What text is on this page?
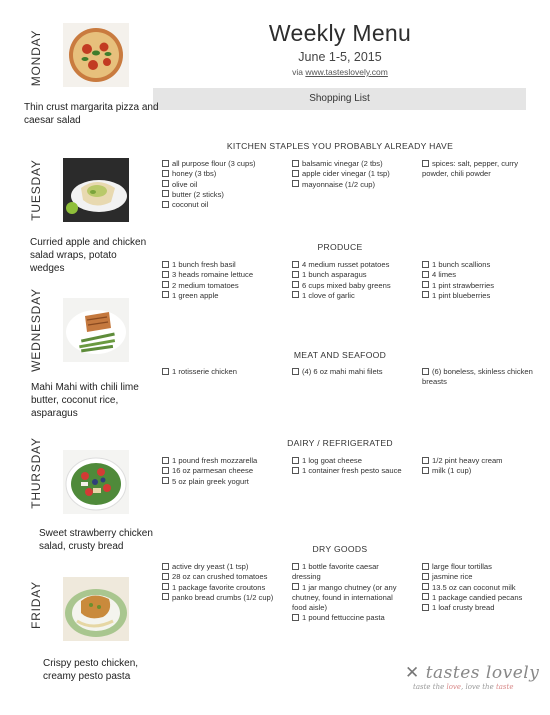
Weekly Menu
June 1-5, 2015
via www.tasteslovely.com
Shopping List
MONDAY
Thin crust margarita pizza and caesar salad
TUESDAY
Curried apple and chicken salad wraps, potato wedges
WEDNESDAY
Mahi Mahi with chili lime butter, coconut rice, asparagus
THURSDAY
Sweet strawberry chicken salad, crusty bread
FRIDAY
Crispy pesto chicken, creamy pesto pasta
KITCHEN STAPLES YOU PROBABLY ALREADY HAVE
all purpose flour (3 cups)
honey (3 tbs)
olive oil
butter (2 sticks)
coconut oil
balsamic vinegar (2 tbs)
apple cider vinegar (1 tsp)
mayonnaise (1/2 cup)
spices: salt, pepper, curry powder, chili powder
PRODUCE
1 bunch fresh basil
3 heads romaine lettuce
2 medium tomatoes
1 green apple
4 medium russet potatoes
1 bunch asparagus
6 cups mixed baby greens
1 clove of garlic
1 bunch scallions
4 limes
1 pint strawberries
1 pint blueberries
MEAT AND SEAFOOD
1 rotisserie chicken	(4) 6 oz mahi mahi filets	(6) boneless, skinless chicken breasts
DAIRY / REFRIGERATED
1 pound fresh mozzarella
16 oz parmesan cheese
5 oz plain greek yogurt
1 log goat cheese
1 container fresh pesto sauce
1/2 pint heavy cream
milk (1 cup)
DRY GOODS
active dry yeast (1 tsp)
28 oz can crushed tomatoes
1 package favorite croutons
panko bread crumbs (1/2 cup)
1 bottle favorite caesar dressing
1 jar mango chutney (or any chutney, found in international food aisle)
1 pound fettuccine pasta
large flour tortillas
jasmine rice
13.5 oz can coconut milk
1 package candied pecans
1 loaf crusty bread
✕ tastes lovely
taste the love, love the taste
